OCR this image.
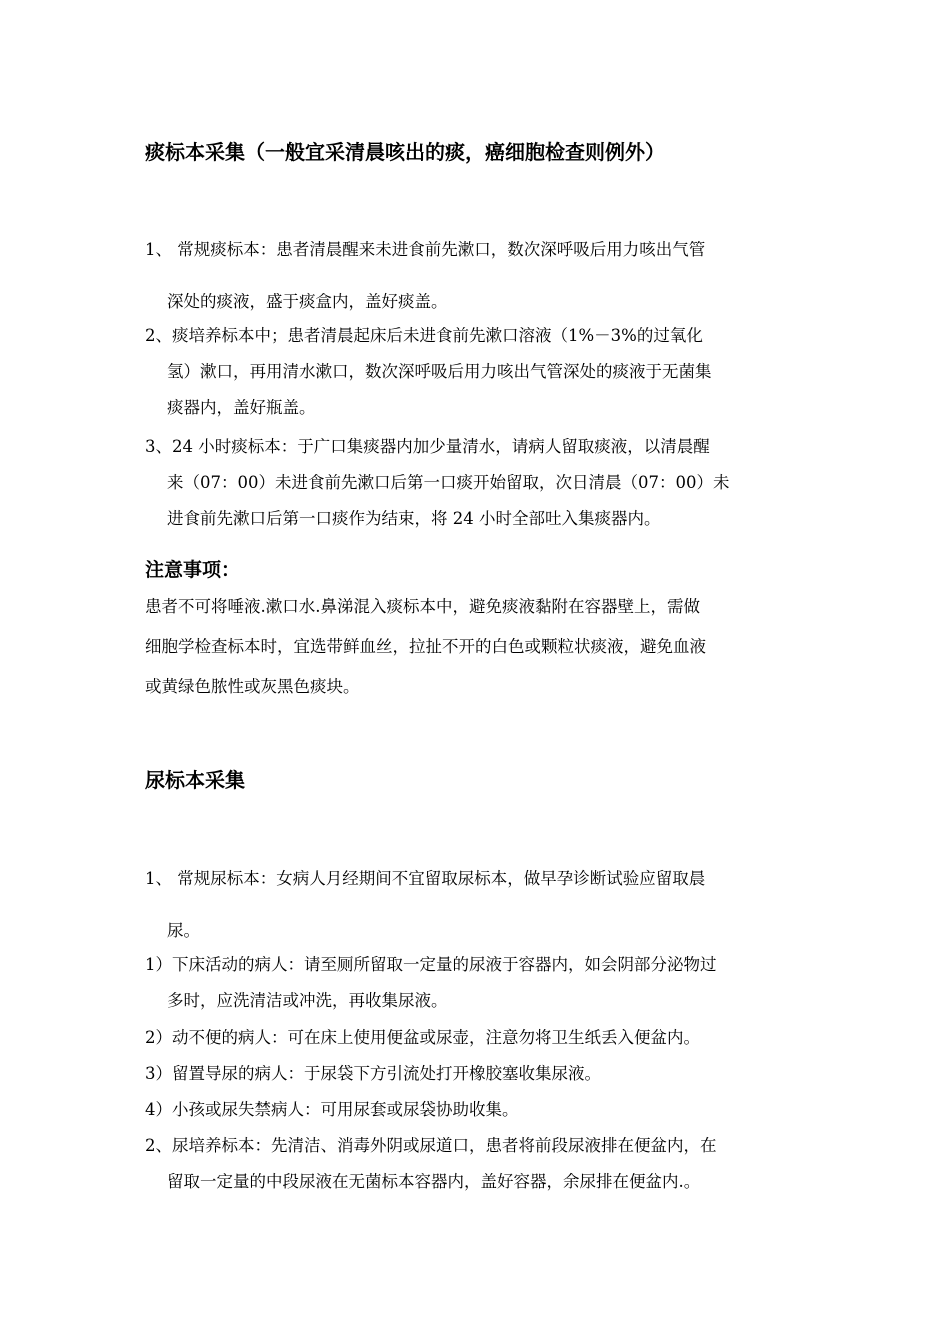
痰标本采集（一般宜采清晨咳出的痰，癌细胞检查则例外）
1、 常规痰标本：患者清晨醒来未进食前先漱口，数次深呼吸后用力咳出气管
深处的痰液，盛于痰盒内，盖好痰盖。
2、痰培养标本中；患者清晨起床后未进食前先漱口溶液（1%－3%的过氧化
氢）漱口，再用清水漱口，数次深呼吸后用力咳出气管深处的痰液于无菌集
痰器内，盖好瓶盖。
3、24 小时痰标本：于广口集痰器内加少量清水，请病人留取痰液，以清晨醒
来（07：00）未进食前先漱口后第一口痰开始留取，次日清晨（07：00）未
进食前先漱口后第一口痰作为结束，将 24 小时全部吐入集痰器内。
注意事项：
患者不可将唾液.漱口水.鼻涕混入痰标本中，避免痰液黏附在容器壁上，需做
细胞学检查标本时，宜选带鲜血丝，拉扯不开的白色或颗粒状痰液，避免血液
或黄绿色脓性或灰黑色痰块。
尿标本采集
1、 常规尿标本：女病人月经期间不宜留取尿标本，做早孕诊断试验应留取晨
尿。
1）下床活动的病人：请至厕所留取一定量的尿液于容器内，如会阴部分泌物过
多时，应洗清洁或冲洗，再收集尿液。
2）动不便的病人：可在床上使用便盆或尿壶，注意勿将卫生纸丢入便盆内。
3）留置导尿的病人：于尿袋下方引流处打开橡胶塞收集尿液。
4）小孩或尿失禁病人：可用尿套或尿袋协助收集。
2、尿培养标本：先清洁、消毒外阴或尿道口，患者将前段尿液排在便盆内，在
留取一定量的中段尿液在无菌标本容器内，盖好容器，余尿排在便盆内.。
